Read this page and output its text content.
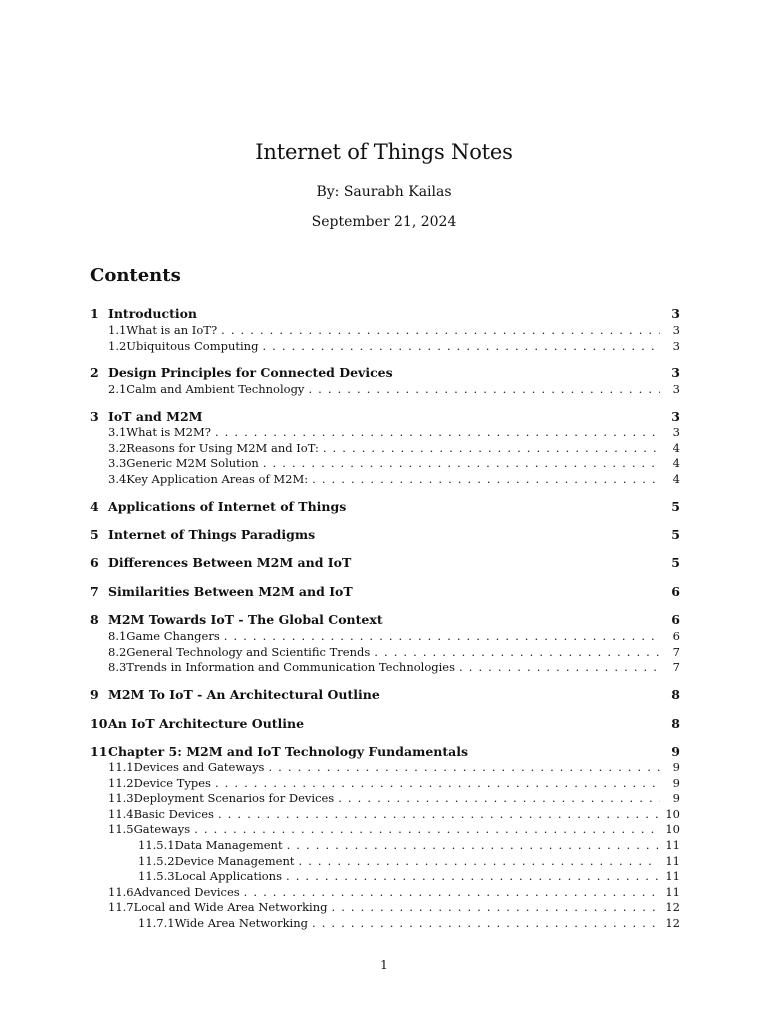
Internet of Things Notes
By: Saurabh Kailas
September 21, 2024
Contents
1 Introduction	3
1.1 What is an IoT? . . .	3
1.2 Ubiquitous Computing . . .	3
2 Design Principles for Connected Devices	3
2.1 Calm and Ambient Technology . . .	3
3 IoT and M2M	3
3.1 What is M2M? . . .	3
3.2 Reasons for Using M2M and IoT: . . .	4
3.3 Generic M2M Solution . . .	4
3.4 Key Application Areas of M2M: . . .	4
4 Applications of Internet of Things	5
5 Internet of Things Paradigms	5
6 Differences Between M2M and IoT	5
7 Similarities Between M2M and IoT	6
8 M2M Towards IoT - The Global Context	6
8.1 Game Changers . . .	6
8.2 General Technology and Scientific Trends . . .	7
8.3 Trends in Information and Communication Technologies . . .	7
9 M2M To IoT - An Architectural Outline	8
10 An IoT Architecture Outline	8
11 Chapter 5: M2M and IoT Technology Fundamentals	9
11.1 Devices and Gateways . . .	9
11.2 Device Types . . .	9
11.3 Deployment Scenarios for Devices . . .	9
11.4 Basic Devices . . .	10
11.5 Gateways . . .	10
11.5.1 Data Management . . .	11
11.5.2 Device Management . . .	11
11.5.3 Local Applications . . .	11
11.6 Advanced Devices . . .	11
11.7 Local and Wide Area Networking . . .	12
11.7.1 Wide Area Networking . . .	12
1
